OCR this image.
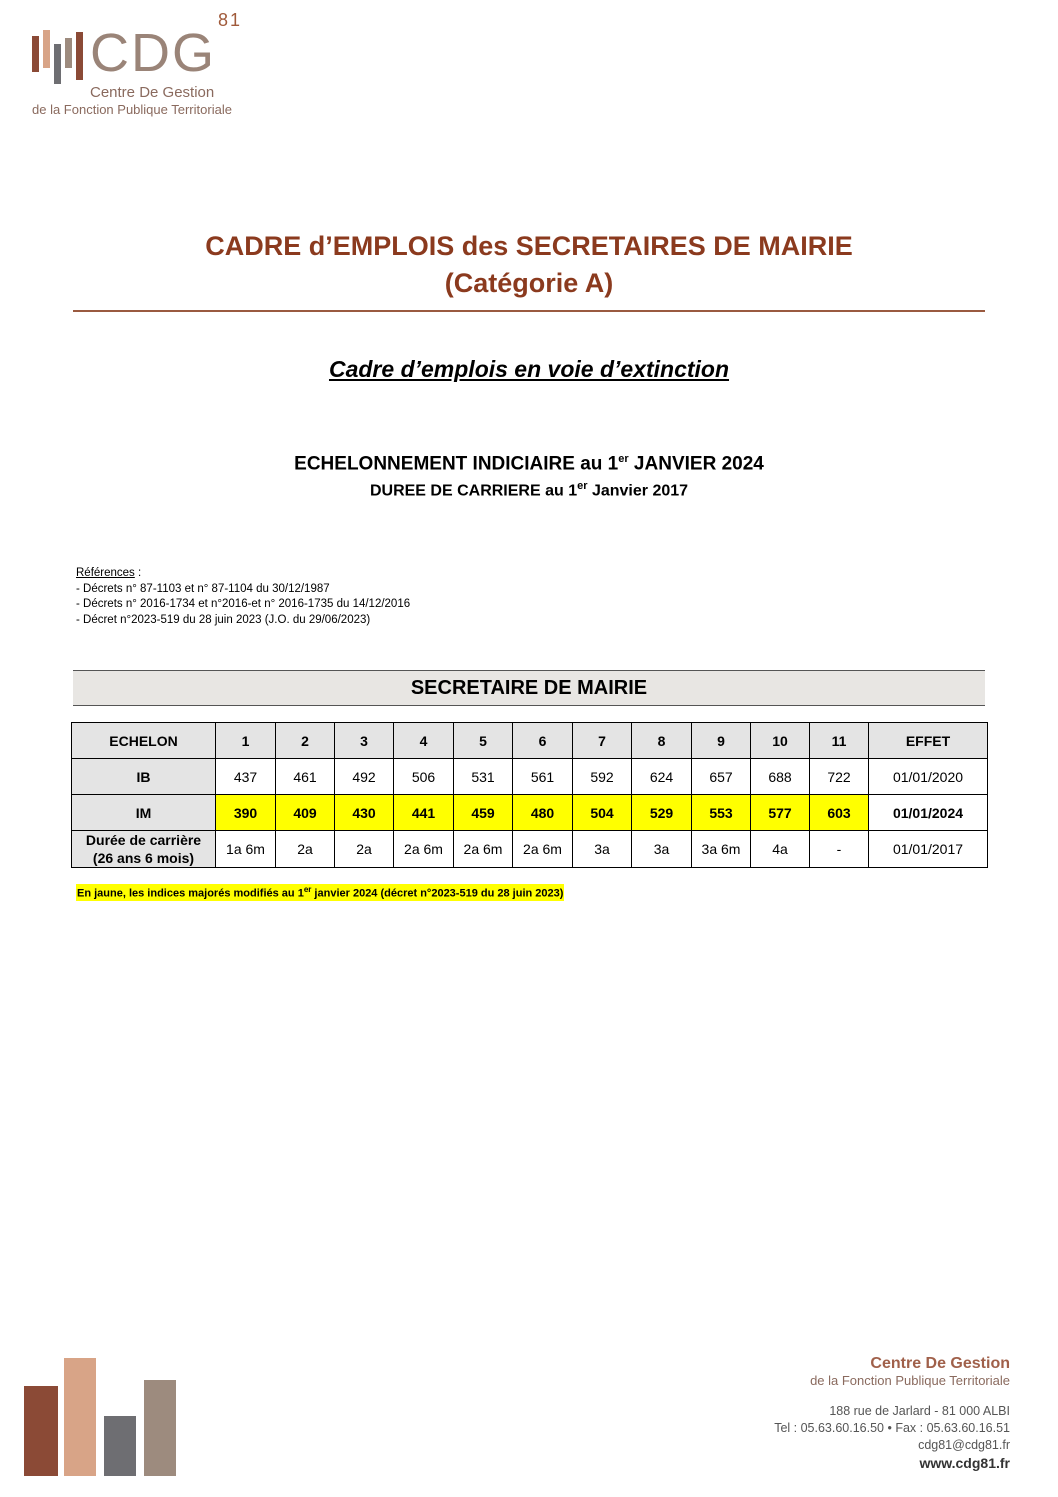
CDG$^{81}$
Centre De Gestion
de la Fonction Publique Territoriale
CADRE d’EMPLOIS des SECRETAIRES DE MAIRIE
(Catégorie A)
Cadre d’emplois en voie d’extinction
ECHELONNEMENT INDICIAIRE au 1er JANVIER 2024
DUREE DE CARRIERE au 1er Janvier 2017
Références :
- Décrets n° 87-1103 et n° 87-1104 du 30/12/1987
- Décrets n° 2016-1734 et n°2016-et n° 2016-1735 du 14/12/2016
- Décret n°2023-519 du 28 juin 2023 (J.O. du 29/06/2023)
SECRETAIRE DE MAIRIE
ECHELON	1	2	3	4	5	6	7	8	9	10	11	EFFET
IB	437	461	492	506	531	561	592	624	657	688	722	01/01/2020
IM	390	409	430	441	459	480	504	529	553	577	603	01/01/2024

Durée de carrière
(26 ans 6 mois)	1a 6m	2a	2a	2a 6m	2a 6m	2a 6m	3a	3a	3a 6m	4a	-	01/01/2017
En jaune, les indices majorés modifiés au 1er janvier 2024 (décret n°2023-519 du 28 juin 2023)
Centre De Gestion
de la Fonction Publique Territoriale
188 rue de Jarlard - 81 000 ALBI
Tel : 05.63.60.16.50 • Fax : 05.63.60.16.51
cdg81@cdg81.fr
www.cdg81.fr
